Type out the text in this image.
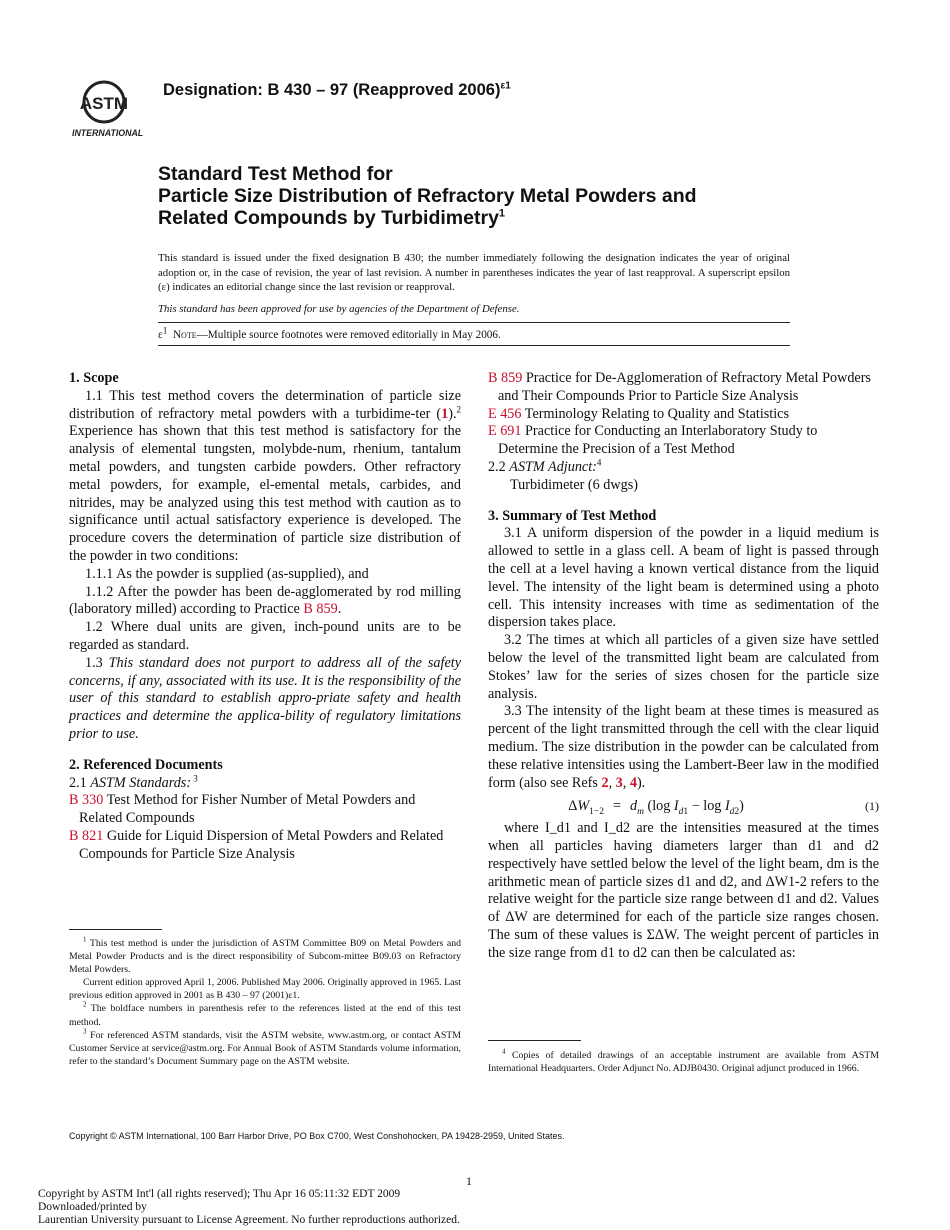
ASTM
INTERNATIONAL
Designation: B 430 – 97 (Reapproved 2006)$^{\varepsilon 1}$
Standard Test Method for
Particle Size Distribution of Refractory Metal Powders and
Related Compounds by Turbidimetry$^1$
This standard is issued under the fixed designation B 430; the number immediately following the designation indicates the year of original adoption or, in the case of revision, the year of last revision. A number in parentheses indicates the year of last reapproval. A superscript epsilon (ε) indicates an editorial change since the last revision or reapproval.
This standard has been approved for use by agencies of the Department of Defense.
$\varepsilon^1$ Note—Multiple source footnotes were removed editorially in May 2006.

1. Scope

1.1 This test method covers the determination of particle size distribution of refractory metal powders with a turbidime-ter (1).$^2$ Experience has shown that this test method is satisfactory for the analysis of elemental tungsten, molybde-num, rhenium, tantalum metal powders, and tungsten carbide powders. Other refractory metal powders, for example, el-emental metals, carbides, and nitrides, may be analyzed using this test method with caution as to significance until actual satisfactory experience is developed. The procedure covers the determination of particle size distribution of the powder in two conditions:

1.1.1 As the powder is supplied (as-supplied), and

1.1.2 After the powder has been de-agglomerated by rod milling (laboratory milled) according to Practice B 859.

1.2 Where dual units are given, inch-pound units are to be regarded as standard.

1.3 This standard does not purport to address all of the safety concerns, if any, associated with its use. It is the responsibility of the user of this standard to establish appro-priate safety and health practices and determine the applica-bility of regulatory limitations prior to use.

2. Referenced Documents

2.1 ASTM Standards: $^3$

B 330 Test Method for Fisher Number of Metal Powders and Related Compounds

B 821 Guide for Liquid Dispersion of Metal Powders and Related Compounds for Particle Size Analysis

B 859 Practice for De-Agglomeration of Refractory Metal Powders and Their Compounds Prior to Particle Size Analysis

E 456 Terminology Relating to Quality and Statistics

E 691 Practice for Conducting an Interlaboratory Study to Determine the Precision of a Test Method

2.2 ASTM Adjunct:$^4$

Turbidimeter (6 dwgs)

3. Summary of Test Method

3.1 A uniform dispersion of the powder in a liquid medium is allowed to settle in a glass cell. A beam of light is passed through the cell at a level having a known vertical distance from the liquid level. The intensity of the light beam is determined using a photo cell. This intensity increases with time as sedimentation of the dispersion takes place.

3.2 The times at which all particles of a given size have settled below the level of the transmitted light beam are calculated from Stokes’ law for the series of sizes chosen for the particle size analysis.

3.3 The intensity of the light beam at these times is measured as percent of the light transmitted through the cell with the clear liquid medium. The size distribution in the powder can be calculated from these relative intensities using the Lambert-Beer law in the modified form (also see Refs 2, 3, 4).

$\Delta W_{1-2} = d_m$ (log $I_{d1} - \log I_{d2}$)	(1)

where I_d1 and I_d2 are the intensities measured at the times when all particles having diameters larger than d1 and d2 respectively have settled below the level of the light beam, dm is the arithmetic mean of particle sizes d1 and d2, and ΔW1-2 refers to the relative weight for the particle size range between d1 and d2. Values of ΔW are determined for each of the particle size ranges chosen. The sum of these values is ΣΔW. The weight percent of particles in the size range from d1 to d2 can then be calculated as:

$^1$ This test method is under the jurisdiction of ASTM Committee B09 on Metal Powders and Metal Powder Products and is the direct responsibility of Subcom-mittee B09.03 on Refractory Metal Powders.

Current edition approved April 1, 2006. Published May 2006. Originally approved in 1965. Last previous edition approved in 2001 as B 430 – 97 (2001)ε1.

$^2$ The boldface numbers in parenthesis refer to the references listed at the end of this test method.

$^3$ For referenced ASTM standards, visit the ASTM website, www.astm.org, or contact ASTM Customer Service at service@astm.org. For Annual Book of ASTM Standards volume information, refer to the standard’s Document Summary page on the ASTM website.

$^4$ Copies of detailed drawings of an acceptable instrument are available from ASTM International Headquarters. Order Adjunct No. ADJB0430. Original adjunct produced in 1966.

Copyright © ASTM International, 100 Barr Harbor Drive, PO Box C700, West Conshohocken, PA 19428-2959, United States.
1
Copyright by ASTM Int'l (all rights reserved); Thu Apr 16 05:11:32 EDT 2009
Downloaded/printed by
Laurentian University pursuant to License Agreement. No further reproductions authorized.
